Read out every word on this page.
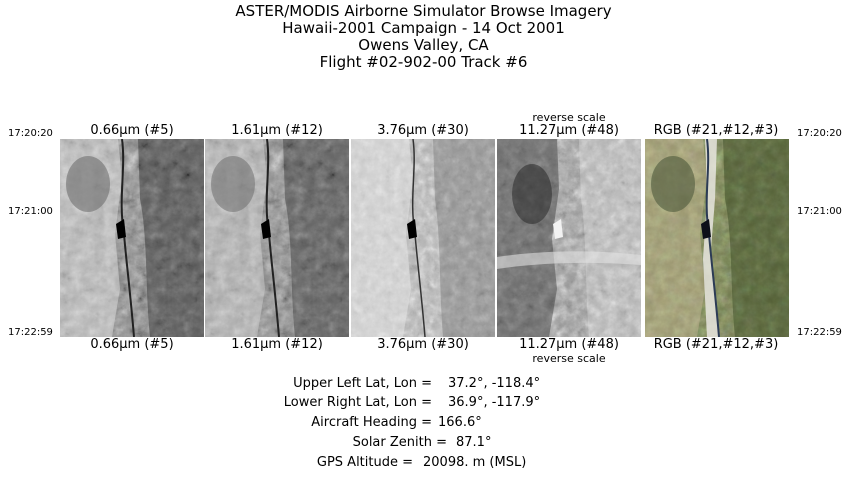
ASTER/MODIS Airborne Simulator Browse Imagery
Hawaii-2001 Campaign - 14 Oct 2001
Owens Valley, CA
Flight #02-902-00 Track #6
17:20:20
17:21:00
17:22:59
17:20:20
17:21:00
17:22:59
reverse scale
reverse scale
0.66μm (#5)	1.61μm (#12)	3.76μm (#30)	11.27μm (#48)	RGB (#21,#12,#3)
0.66μm (#5)	1.61μm (#12)	3.76μm (#30)	11.27μm (#48)	RGB (#21,#12,#3)
Upper Left Lat, Lon = 37.2°, -118.4°
Lower Right Lat, Lon = 36.9°, -117.9°
Aircraft Heading = 166.6°
Solar Zenith = 87.1°
GPS Altitude = 20098. m (MSL)
